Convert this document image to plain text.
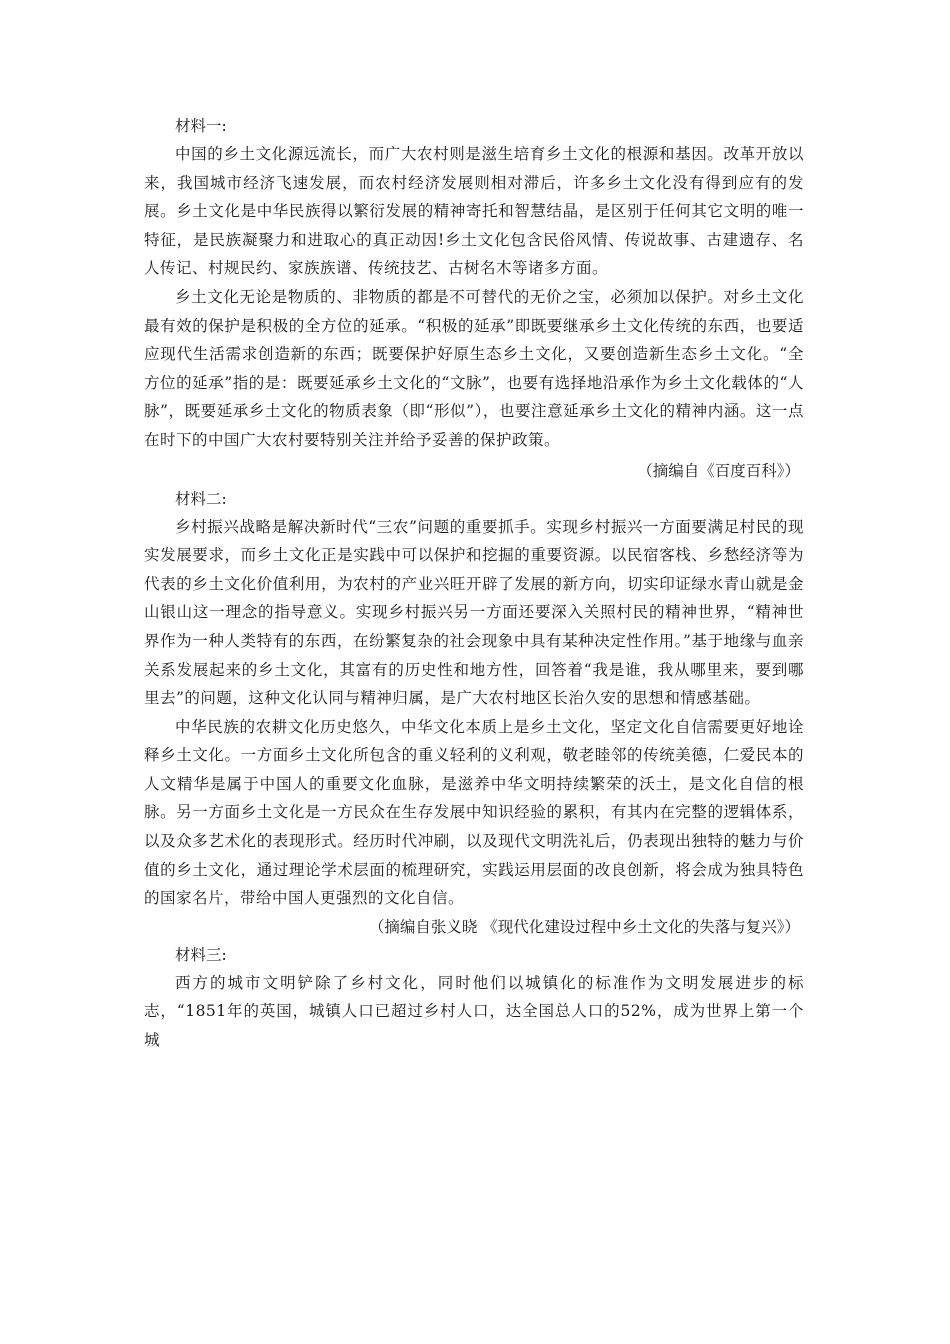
材料一:

中国的乡土文化源远流长，而广大农村则是滋生培育乡土文化的根源和基因。改革开放以来，我国城市经济飞速发展，而农村经济发展则相对滞后，许多乡土文化没有得到应有的发展。乡土文化是中华民族得以繁衍发展的精神寄托和智慧结晶，是区别于任何其它文明的唯一特征，是民族凝聚力和进取心的真正动因!乡土文化包含民俗风情、传说故事、古建遗存、名人传记、村规民约、家族族谱、传统技艺、古树名木等诸多方面。

乡土文化无论是物质的、非物质的都是不可替代的无价之宝，必须加以保护。对乡土文化最有效的保护是积极的全方位的延承。“积极的延承”即既要继承乡土文化传统的东西，也要适应现代生活需求创造新的东西；既要保护好原生态乡土文化，又要创造新生态乡土文化。“全方位的延承”指的是：既要延承乡土文化的“文脉”，也要有选择地沿承作为乡土文化载体的“人脉”，既要延承乡土文化的物质表象（即“形似”），也要注意延承乡土文化的精神内涵。这一点在时下的中国广大农村要特别关注并给予妥善的保护政策。

（摘编自《百度百科》）

材料二:

乡村振兴战略是解决新时代“三农”问题的重要抓手。实现乡村振兴一方面要满足村民的现实发展要求，而乡土文化正是实践中可以保护和挖掘的重要资源。以民宿客栈、乡愁经济等为代表的乡土文化价值利用，为农村的产业兴旺开辟了发展的新方向，切实印证绿水青山就是金山银山这一理念的指导意义。实现乡村振兴另一方面还要深入关照村民的精神世界，“精神世界作为一种人类特有的东西，在纷繁复杂的社会现象中具有某种决定性作用。”基于地缘与血亲关系发展起来的乡土文化，其富有的历史性和地方性，回答着“我是谁，我从哪里来，要到哪里去”的问题，这种文化认同与精神归属，是广大农村地区长治久安的思想和情感基础。

中华民族的农耕文化历史悠久，中华文化本质上是乡土文化，坚定文化自信需要更好地诠释乡土文化。一方面乡土文化所包含的重义轻利的义利观，敬老睦邻的传统美德，仁爱民本的人文精华是属于中国人的重要文化血脉，是滋养中华文明持续繁荣的沃土，是文化自信的根脉。另一方面乡土文化是一方民众在生存发展中知识经验的累积，有其内在完整的逻辑体系，以及众多艺术化的表现形式。经历时代冲刷，以及现代文明洗礼后，仍表现出独特的魅力与价值的乡土文化，通过理论学术层面的梳理研究，实践运用层面的改良创新，将会成为独具特色的国家名片，带给中国人更强烈的文化自信。

（摘编自张义晓 《现代化建设过程中乡土文化的失落与复兴》）

材料三:

西方的城市文明铲除了乡村文化，同时他们以城镇化的标准作为文明发展进步的标志，“1851年的英国，城镇人口已超过乡村人口，达全国总人口的52%，成为世界上第一个城
